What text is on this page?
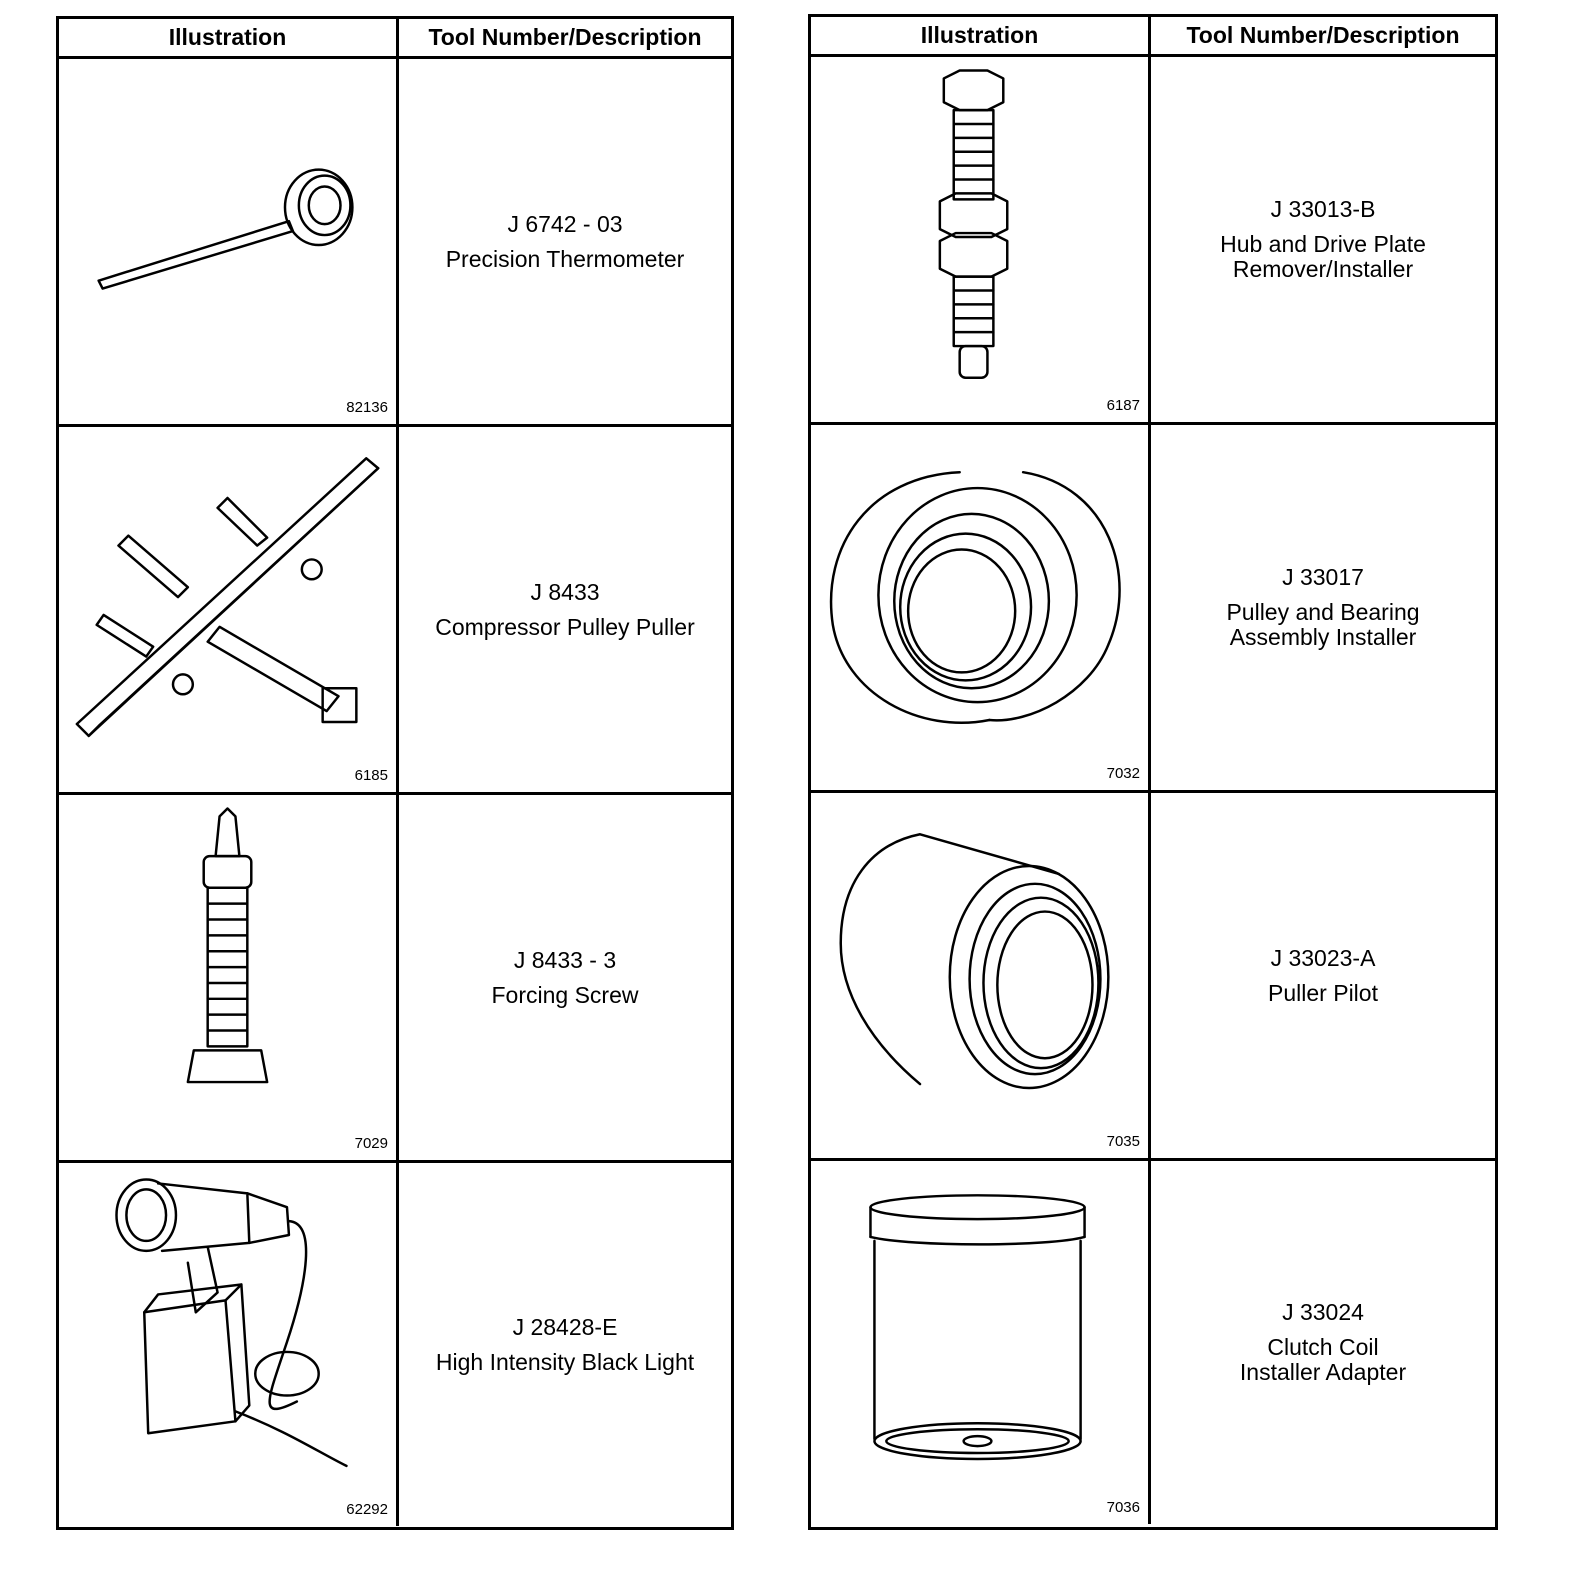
Illustration	Tool Number/Description
82136
J 6742 - 03
Precision Thermometer
6185
J 8433
Compressor Pulley Puller
7029
J 8433 - 3
Forcing Screw
62292
J 28428-E
High Intensity Black Light
Illustration	Tool Number/Description
6187
J 33013-B
Hub and Drive Plate
Remover/Installer
7032
J 33017
Pulley and Bearing
Assembly Installer
7035
J 33023-A
Puller Pilot
7036
J 33024
Clutch Coil
Installer Adapter
